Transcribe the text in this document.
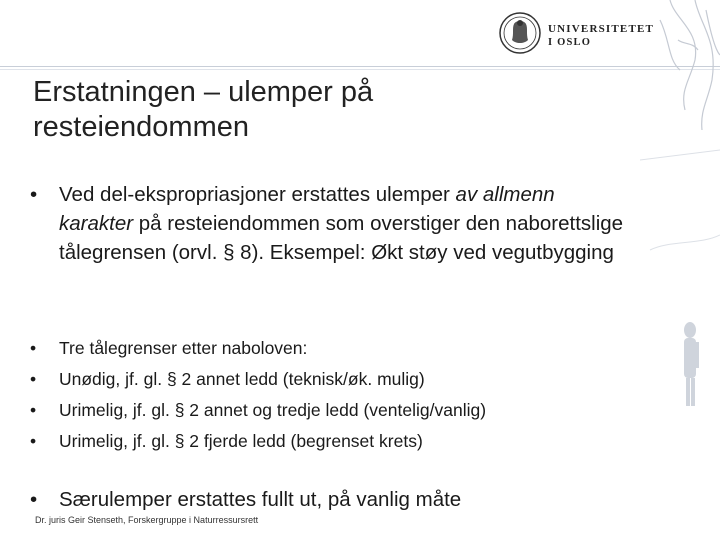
UNIVERSITETET
I OSLO
Erstatningen – ulemper på
resteiendommen
• Ved del-ekspropriasjoner erstattes ulemper av allmenn karakter på resteiendommen som overstiger den naborettslige tålegrensen (orvl. § 8). Eksempel: Økt støy ved vegutbygging
• Tre tålegrenser etter naboloven:
• Unødig, jf. gl. § 2 annet ledd (teknisk/øk. mulig)
• Urimelig, jf. gl. § 2 annet og tredje ledd (ventelig/vanlig)
• Urimelig, jf. gl. § 2 fjerde ledd (begrenset krets)
• Særulemper erstattes fullt ut, på vanlig måte
Dr. juris Geir Stenseth, Forskergruppe i Naturressursrett
